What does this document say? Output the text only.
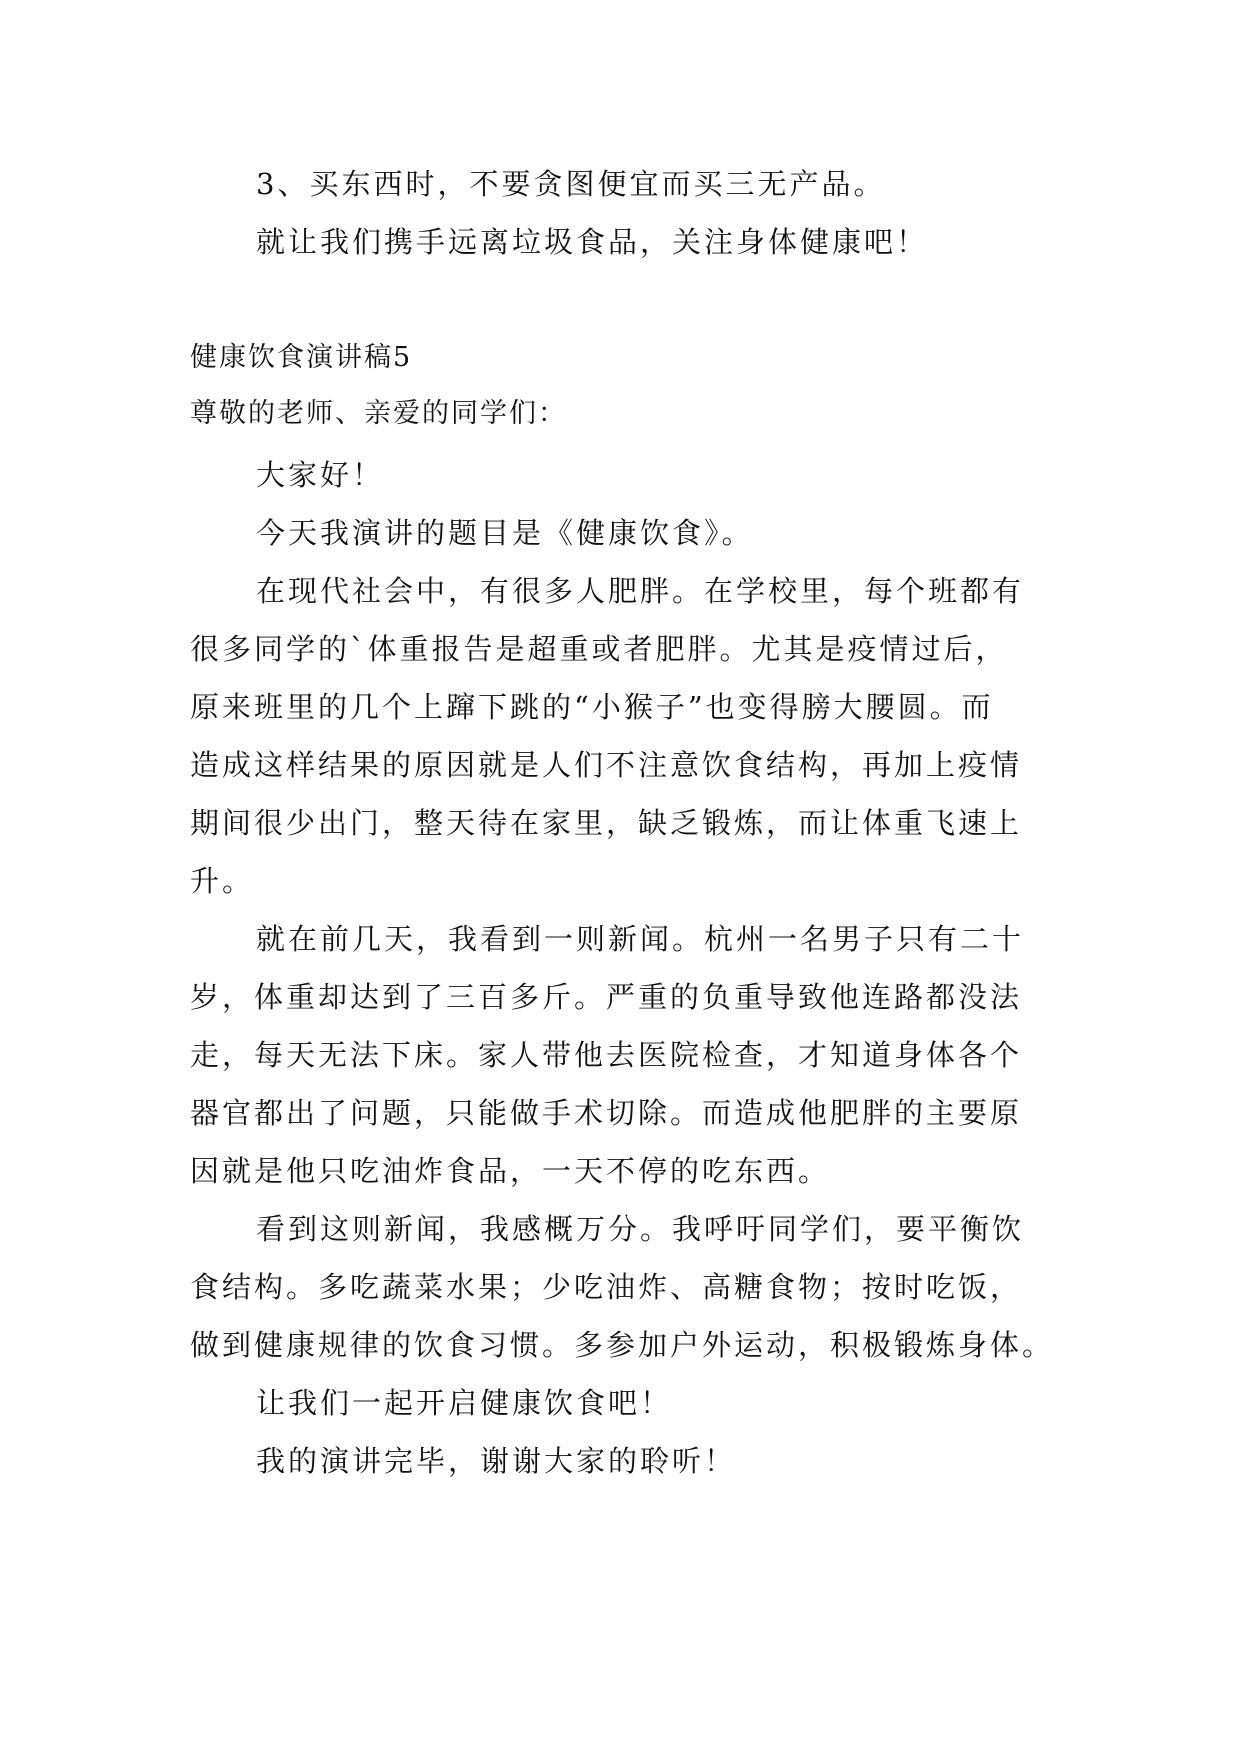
3、买东西时，不要贪图便宜而买三无产品。
就让我们携手远离垃圾食品，关注身体健康吧！
健康饮食演讲稿5
尊敬的老师、亲爱的同学们：
大家好！
今天我演讲的题目是《健康饮食》。
在现代社会中，有很多人肥胖。在学校里，每个班都有
很多同学的`体重报告是超重或者肥胖。尤其是疫情过后，
原来班里的几个上蹿下跳的“小猴子”也变得膀大腰圆。而
造成这样结果的原因就是人们不注意饮食结构，再加上疫情
期间很少出门，整天待在家里，缺乏锻炼，而让体重飞速上
升。
就在前几天，我看到一则新闻。杭州一名男子只有二十
岁，体重却达到了三百多斤。严重的负重导致他连路都没法
走，每天无法下床。家人带他去医院检查，才知道身体各个
器官都出了问题，只能做手术切除。而造成他肥胖的主要原
因就是他只吃油炸食品，一天不停的吃东西。
看到这则新闻，我感概万分。我呼吁同学们，要平衡饮
食结构。多吃蔬菜水果；少吃油炸、高糖食物；按时吃饭，
做到健康规律的饮食习惯。多参加户外运动，积极锻炼身体。
让我们一起开启健康饮食吧！
我的演讲完毕，谢谢大家的聆听！
